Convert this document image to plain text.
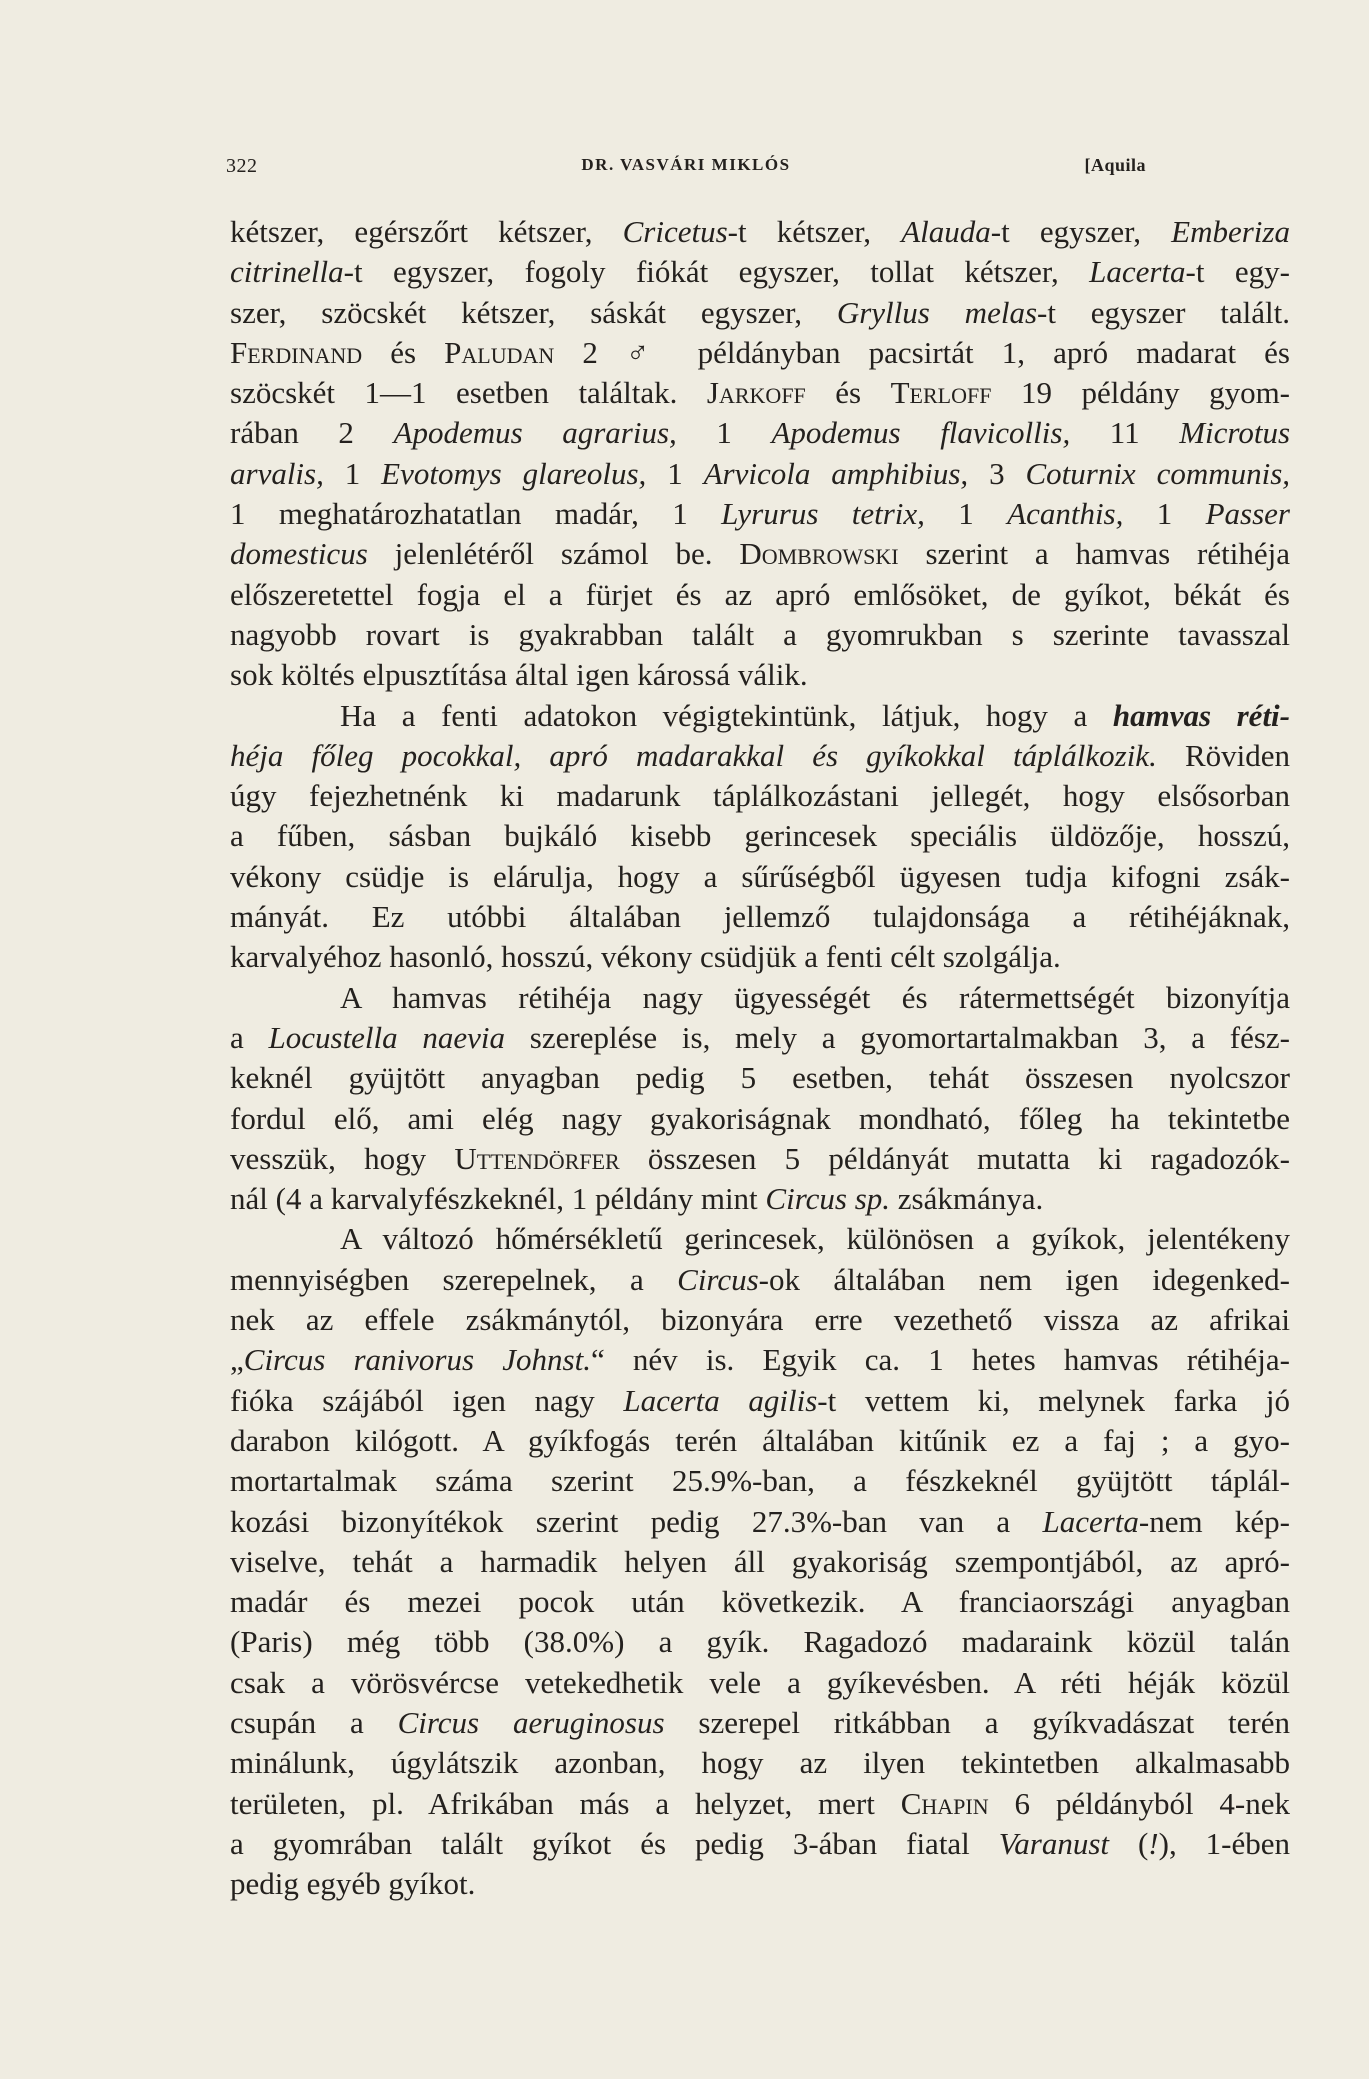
322	DR. VASVÁRI MIKLÓS	[Aquila
kétszer, egérszőrt kétszer, Cricetus-t kétszer, Alauda-t egyszer, Emberiza
citrinella-t egyszer, fogoly fiókát egyszer, tollat kétszer, Lacerta-t egy-
szer, szöcskét kétszer, sáskát egyszer, Gryllus melas-t egyszer talált.
Ferdinand és Paludan 2 ♂ példányban pacsirtát 1, apró madarat és
szöcskét 1—1 esetben találtak. Jarkoff és Terloff 19 példány gyom-
rában 2 Apodemus agrarius, 1 Apodemus flavicollis, 11 Microtus
arvalis, 1 Evotomys glareolus, 1 Arvicola amphibius, 3 Coturnix communis,
1 meghatározhatatlan madár, 1 Lyrurus tetrix, 1 Acanthis, 1 Passer
domesticus jelenlétéről számol be. Dombrowski szerint a hamvas rétihéja
előszeretettel fogja el a fürjet és az apró emlősöket, de gyíkot, békát és
nagyobb rovart is gyakrabban talált a gyomrukban s szerinte tavasszal
sok költés elpusztítása által igen károssá válik.
Ha a fenti adatokon végigtekintünk, látjuk, hogy a hamvas réti-
héja főleg pocokkal, apró madarakkal és gyíkokkal táplálkozik. Röviden
úgy fejezhetnénk ki madarunk táplálkozástani jellegét, hogy elsősorban
a fűben, sásban bujkáló kisebb gerincesek speciális üldözője, hosszú,
vékony csüdje is elárulja, hogy a sűrűségből ügyesen tudja kifogni zsák-
mányát. Ez utóbbi általában jellemző tulajdonsága a rétihéjáknak,
karvalyéhoz hasonló, hosszú, vékony csüdjük a fenti célt szolgálja.
A hamvas rétihéja nagy ügyességét és rátermettségét bizonyítja
a Locustella naevia szereplése is, mely a gyomortartalmakban 3, a fész-
keknél gyüjtött anyagban pedig 5 esetben, tehát összesen nyolcszor
fordul elő, ami elég nagy gyakoriságnak mondható, főleg ha tekintetbe
vesszük, hogy Uttendörfer összesen 5 példányát mutatta ki ragadozók-
nál (4 a karvalyfészkeknél, 1 példány mint Circus sp. zsákmánya.
A változó hőmérsékletű gerincesek, különösen a gyíkok, jelentékeny
mennyiségben szerepelnek, a Circus-ok általában nem igen idegenked-
nek az effele zsákmánytól, bizonyára erre vezethető vissza az afrikai
„Circus ranivorus Johnst.“ név is. Egyik ca. 1 hetes hamvas rétihéja-
fióka szájából igen nagy Lacerta agilis-t vettem ki, melynek farka jó
darabon kilógott. A gyíkfogás terén általában kitűnik ez a faj ; a gyo-
mortartalmak száma szerint 25.9%-ban, a fészkeknél gyüjtött táplál-
kozási bizonyítékok szerint pedig 27.3%-ban van a Lacerta-nem kép-
viselve, tehát a harmadik helyen áll gyakoriság szempontjából, az apró-
madár és mezei pocok után következik. A franciaországi anyagban
(Paris) még több (38.0%) a gyík. Ragadozó madaraink közül talán
csak a vörösvércse vetekedhetik vele a gyíkevésben. A réti héják közül
csupán a Circus aeruginosus szerepel ritkábban a gyíkvadászat terén
minálunk, úgylátszik azonban, hogy az ilyen tekintetben alkalmasabb
területen, pl. Afrikában más a helyzet, mert Chapin 6 példányból 4-nek
a gyomrában talált gyíkot és pedig 3-ában fiatal Varanust (!), 1-ében
pedig egyéb gyíkot.
